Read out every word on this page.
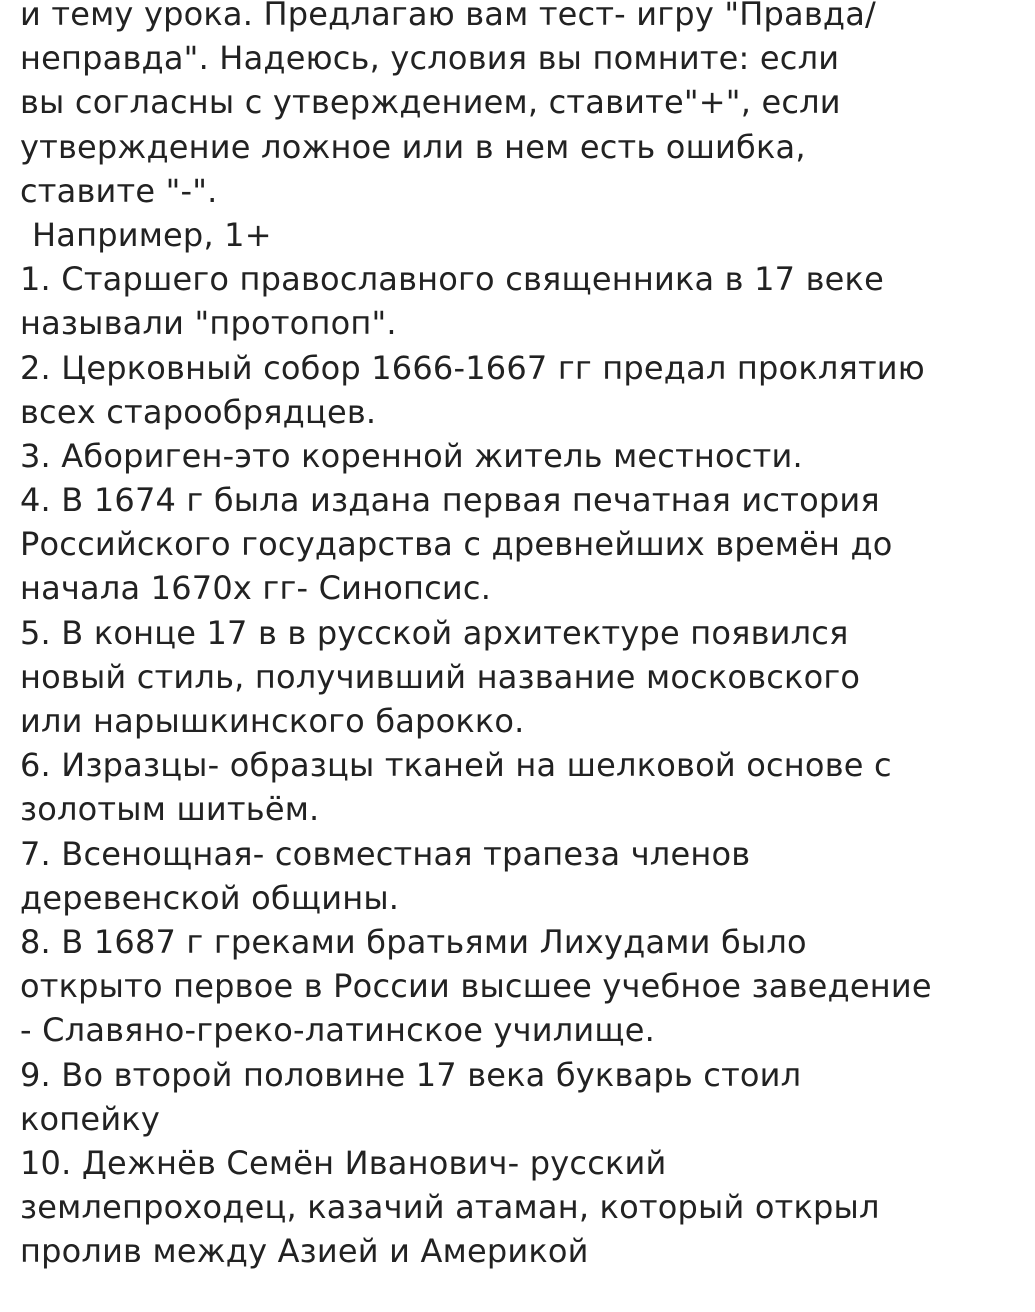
и тему урока. Предлагаю вам тест- игру "Правда/
неправда". Надеюсь, условия вы помните: если
вы согласны с утверждением, ставите"+", если
утверждение ложное или в нем есть ошибка,
ставите "-".
Например, 1+
1. Старшего православного священника в 17 веке
называли "протопоп".
2. Церковный собор 1666-1667 гг предал проклятию
всех старообрядцев.
3. Абориген-это коренной житель местности.
4. В 1674 г была издана первая печатная история
Российского государства с древнейших времён до
начала 1670х гг- Синопсис.
5. В конце 17 в в русской архитектуре появился
новый стиль, получивший название московского
или нарышкинского барокко.
6. Изразцы- образцы тканей на шелковой основе с
золотым шитьём.
7. Всенощная- совместная трапеза членов
деревенской общины.
8. В 1687 г греками братьями Лихудами было
открыто первое в России высшее учебное заведение
- Славяно-греко-латинское училище.
9. Во второй половине 17 века букварь стоил
копейку
10. Дежнёв Семён Иванович- русский
землепроходец, казачий атаман, который открыл
пролив между Азией и Америкой
